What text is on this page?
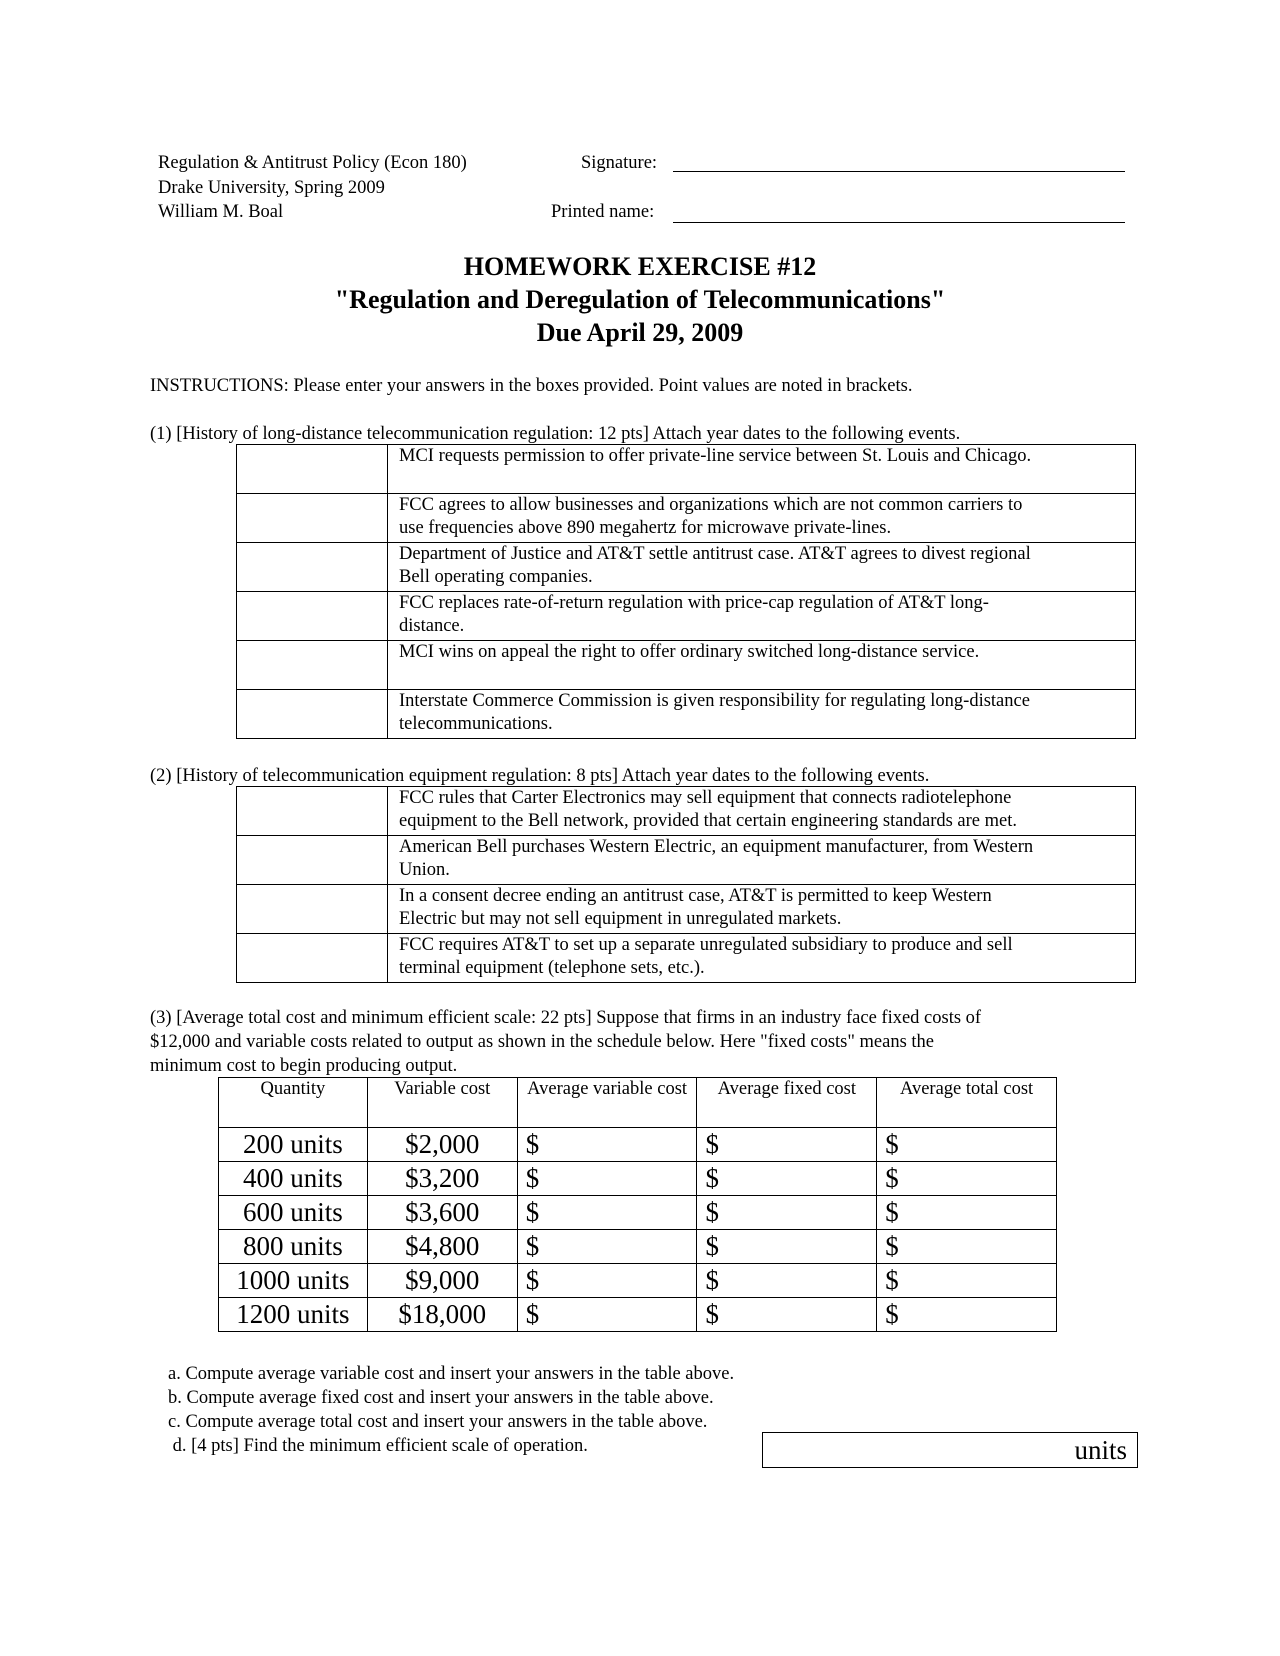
Regulation & Antitrust Policy (Econ 180)
Drake University, Spring 2009
William M. Boal
Signature:
Printed name:
HOMEWORK EXERCISE #12
"Regulation and Deregulation of Telecommunications"
Due April 29, 2009
INSTRUCTIONS: Please enter your answers in the boxes provided. Point values are noted in brackets.
(1) [History of long-distance telecommunication regulation: 12 pts] Attach year dates to the following events.

	MCI requests permission to offer private-line service between St. Louis and Chicago.

	FCC agrees to allow businesses and organizations which are not common carriers to
use frequencies above 890 megahertz for microwave private-lines.

	Department of Justice and AT&T settle antitrust case. AT&T agrees to divest regional
Bell operating companies.

	FCC replaces rate-of-return regulation with price-cap regulation of AT&T long-
distance.

	MCI wins on appeal the right to offer ordinary switched long-distance service.

	Interstate Commerce Commission is given responsibility for regulating long-distance
telecommunications.
(2) [History of telecommunication equipment regulation: 8 pts] Attach year dates to the following events.

	FCC rules that Carter Electronics may sell equipment that connects radiotelephone
equipment to the Bell network, provided that certain engineering standards are met.

	American Bell purchases Western Electric, an equipment manufacturer, from Western
Union.

	In a consent decree ending an antitrust case, AT&T is permitted to keep Western
Electric but may not sell equipment in unregulated markets.

	FCC requires AT&T to set up a separate unregulated subsidiary to produce and sell
terminal equipment (telephone sets, etc.).
(3) [Average total cost and minimum efficient scale: 22 pts] Suppose that firms in an industry face fixed costs of
$12,000 and variable costs related to output as shown in the schedule below. Here "fixed costs" means the
minimum cost to begin producing output.
Quantity	Variable cost	Average variable cost	Average fixed cost	Average total cost
200 units	$2,000	$	$	$
400 units	$3,200	$	$	$
600 units	$3,600	$	$	$
800 units	$4,800	$	$	$
1000 units	$9,000	$	$	$
1200 units	$18,000	$	$	$
a. Compute average variable cost and insert your answers in the table above.
b. Compute average fixed cost and insert your answers in the table above.
c. Compute average total cost and insert your answers in the table above.
d. [4 pts] Find the minimum efficient scale of operation.	units
